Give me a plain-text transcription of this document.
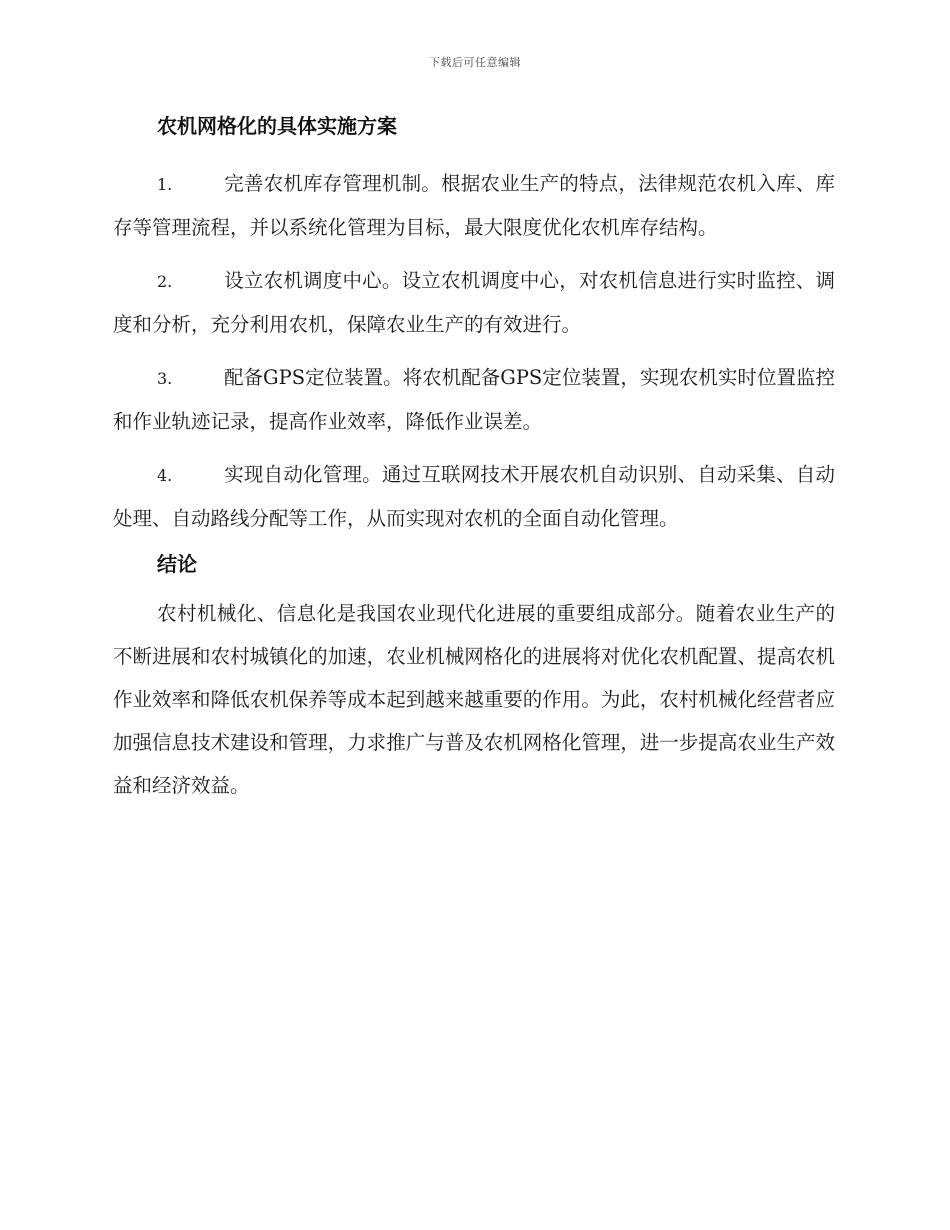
下载后可任意编辑
农机网格化的具体实施方案

1.	完善农机库存管理机制。根据农业生产的特点，法律规范农机入库、库存等管理流程，并以系统化管理为目标，最大限度优化农机库存结构。

2.	设立农机调度中心。设立农机调度中心，对农机信息进行实时监控、调度和分析，充分利用农机，保障农业生产的有效进行。

3.	配备GPS定位装置。将农机配备GPS定位装置，实现农机实时位置监控和作业轨迹记录，提高作业效率，降低作业误差。

4.	实现自动化管理。通过互联网技术开展农机自动识别、自动采集、自动处理、自动路线分配等工作，从而实现对农机的全面自动化管理。

结论

农村机械化、信息化是我国农业现代化进展的重要组成部分。随着农业生产的不断进展和农村城镇化的加速，农业机械网格化的进展将对优化农机配置、提高农机作业效率和降低农机保养等成本起到越来越重要的作用。为此，农村机械化经营者应加强信息技术建设和管理，力求推广与普及农机网格化管理，进一步提高农业生产效益和经济效益。
